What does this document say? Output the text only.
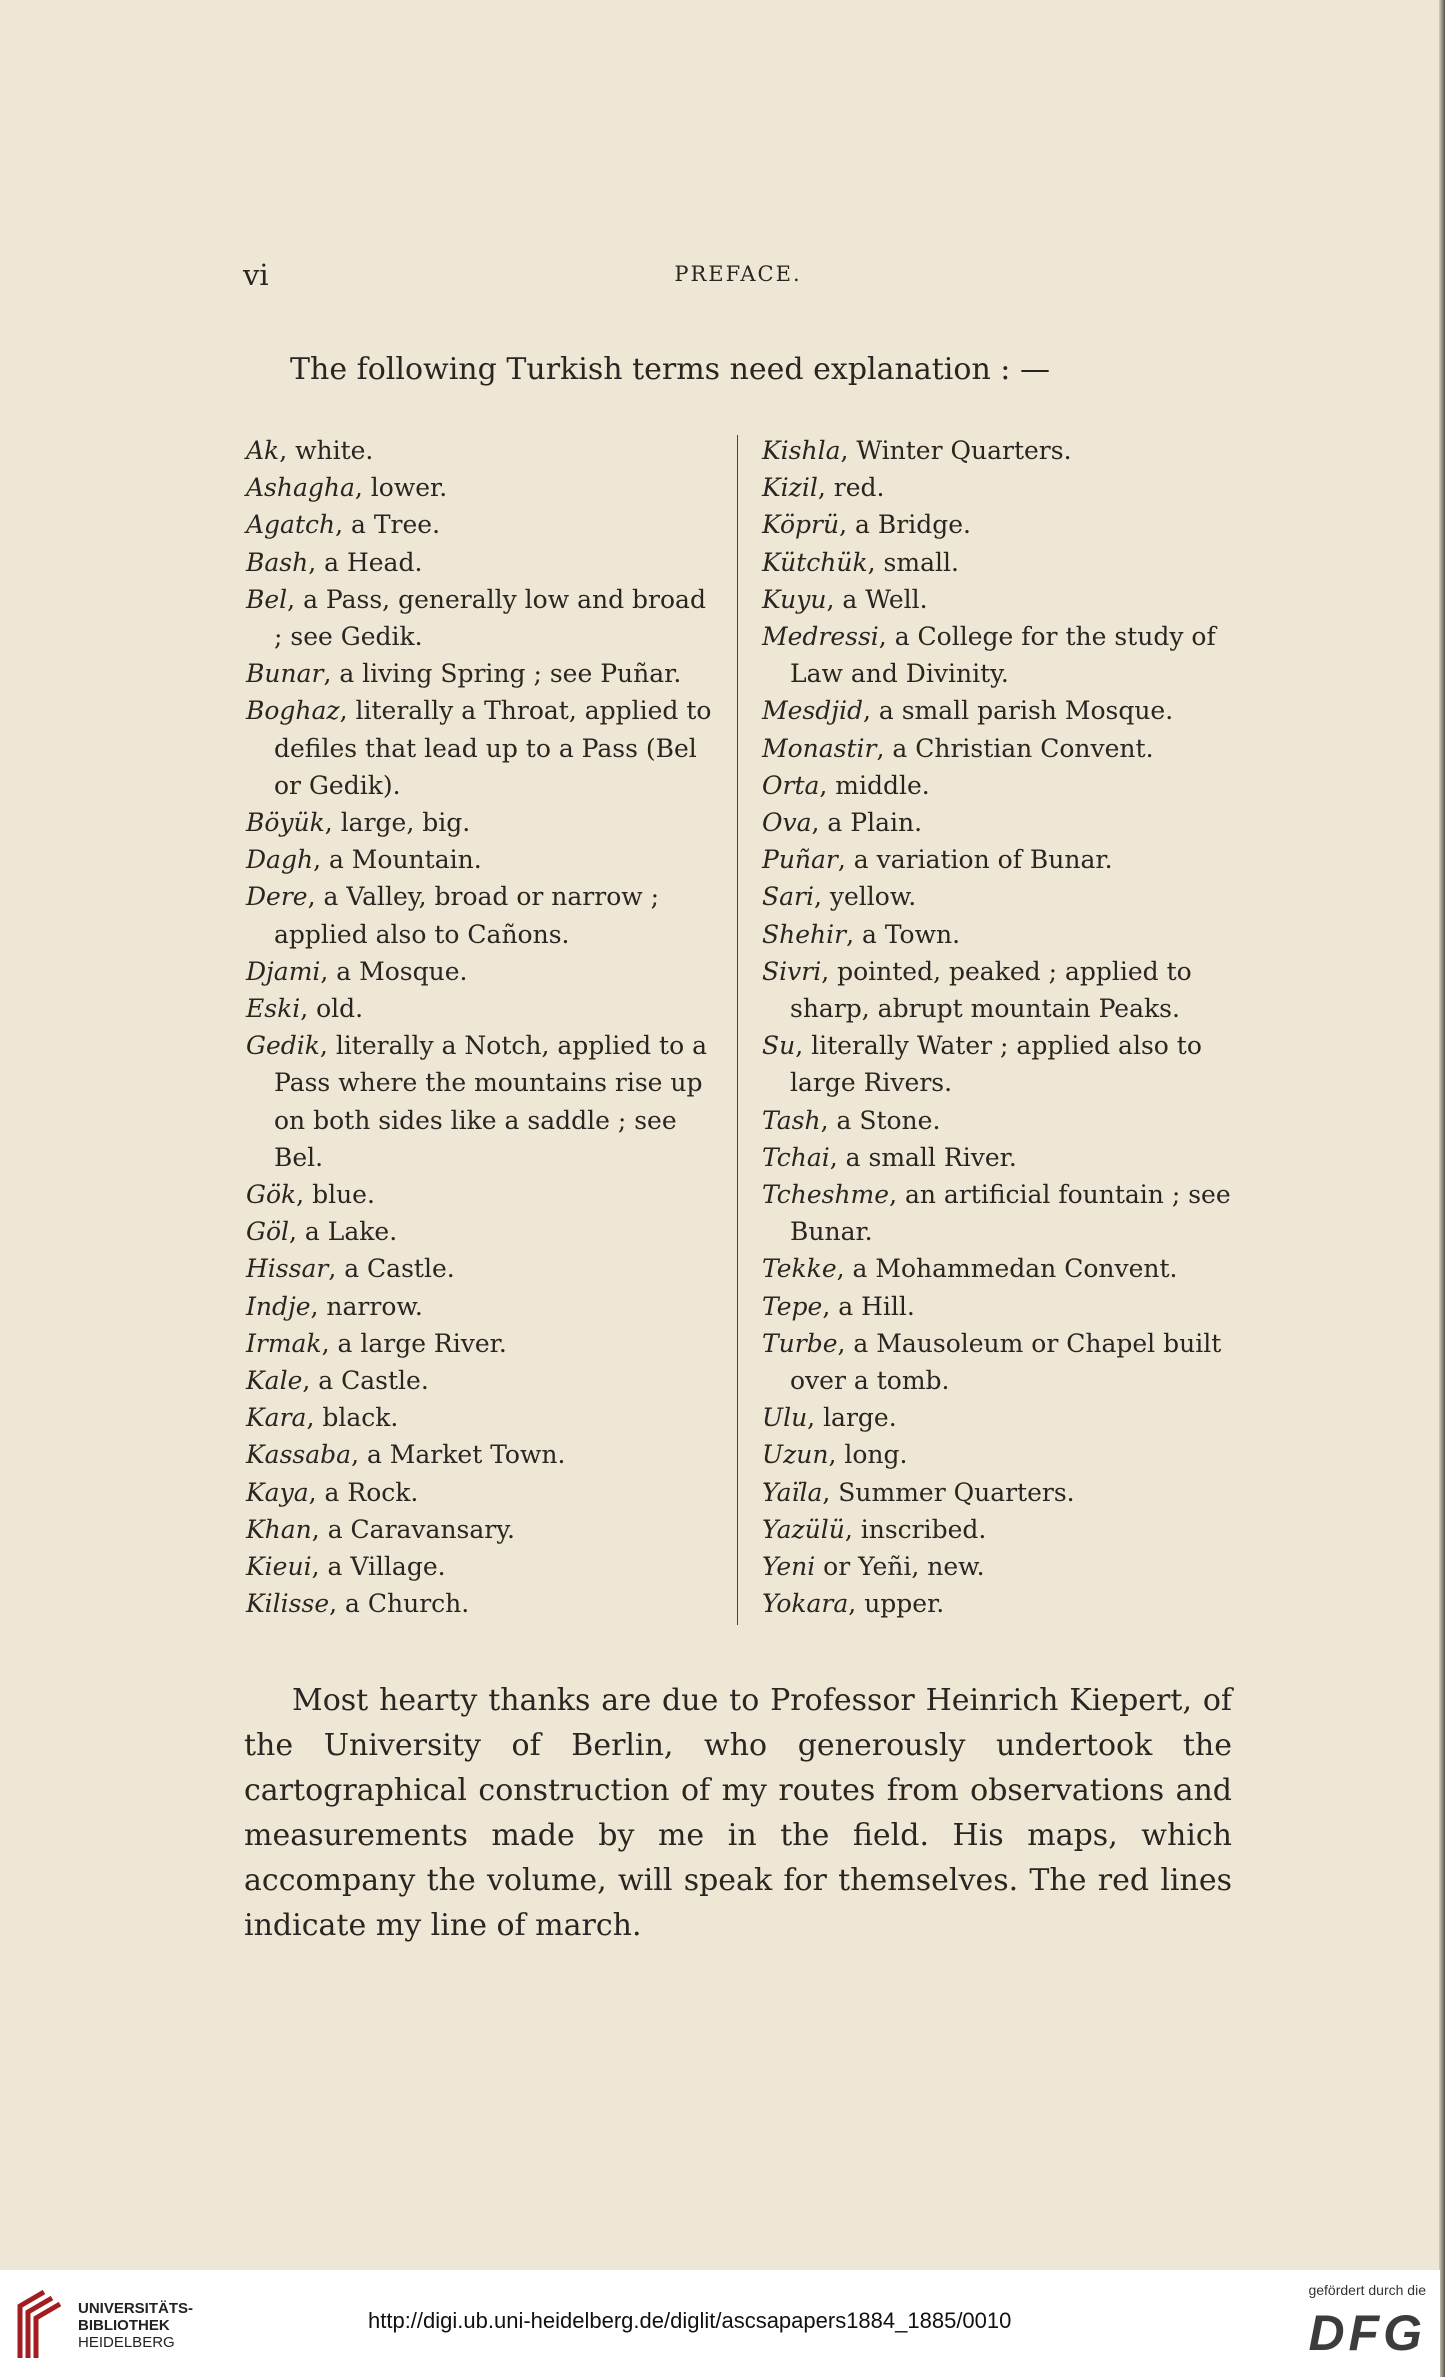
vi	PREFACE.
The following Turkish terms need explanation : —
Ak, white.
Ashagha, lower.
Agatch, a Tree.
Bash, a Head.
Bel, a Pass, generally low and broad ; see Gedik.
Bunar, a living Spring ; see Puñar.
Boghaz, literally a Throat, applied to defiles that lead up to a Pass (Bel or Gedik).
Böyük, large, big.
Dagh, a Mountain.
Dere, a Valley, broad or narrow ; applied also to Cañons.
Djami, a Mosque.
Eski, old.
Gedik, literally a Notch, applied to a Pass where the mountains rise up on both sides like a saddle ; see Bel.
Gök, blue.
Göl, a Lake.
Hissar, a Castle.
Indje, narrow.
Irmak, a large River.
Kale, a Castle.
Kara, black.
Kassaba, a Market Town.
Kaya, a Rock.
Khan, a Caravansary.
Kieui, a Village.
Kilisse, a Church.
Kishla, Winter Quarters.
Kizil, red.
Köprü, a Bridge.
Kütchük, small.
Kuyu, a Well.
Medressi, a College for the study of Law and Divinity.
Mesdjid, a small parish Mosque.
Monastir, a Christian Convent.
Orta, middle.
Ova, a Plain.
Puñar, a variation of Bunar.
Sari, yellow.
Shehir, a Town.
Sivri, pointed, peaked ; applied to sharp, abrupt mountain Peaks.
Su, literally Water ; applied also to large Rivers.
Tash, a Stone.
Tchai, a small River.
Tcheshme, an artificial fountain ; see Bunar.
Tekke, a Mohammedan Convent.
Tepe, a Hill.
Turbe, a Mausoleum or Chapel built over a tomb.
Ulu, large.
Uzun, long.
Yaïla, Summer Quarters.
Yazülü, inscribed.
Yeni or Yeñi, new.
Yokara, upper.

Most hearty thanks are due to Professor Heinrich Kiepert, of the University of Berlin, who generously undertook the cartographical construction of my routes from observations and measurements made by me in the field. His maps, which accompany the volume, will speak for themselves. The red lines indicate my line of march.

UNIVERSITÄTS-
BIBLIOTHEK
HEIDELBERG
http://digi.ub.uni-heidelberg.de/diglit/ascsapapers1884_1885/0010
gefördert durch die
DFG
